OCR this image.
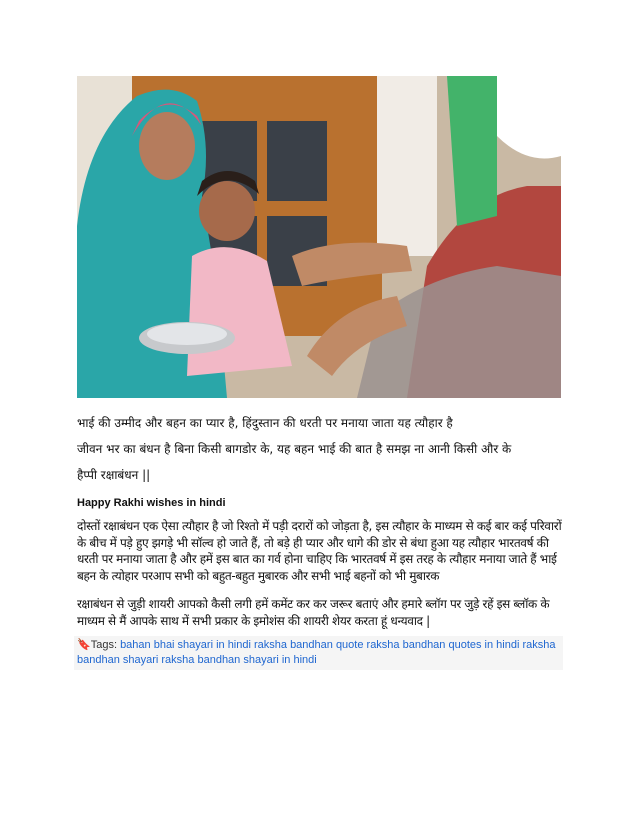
भाई की उम्मीद और बहन का प्यार है, हिंदुस्तान की धरती पर मनाया जाता यह त्यौहार है
जीवन भर का बंधन है बिना किसी बागडोर के, यह बहन भाई की बात है समझ ना आनी किसी और के
हैप्पी रक्षाबंधन ||
Happy Rakhi wishes in hindi
दोस्तों रक्षाबंधन एक ऐसा त्यौहार है जो रिश्तो में पड़ी दरारों को जोड़ता है, इस त्यौहार के माध्यम से कई बार कई परिवारों के बीच में पड़े हुए झगड़े भी सॉल्व हो जाते हैं, तो बड़े ही प्यार और धागे की डोर से बंधा हुआ यह त्यौहार भारतवर्ष की धरती पर मनाया जाता है और हमें इस बात का गर्व होना चाहिए कि भारतवर्ष में इस तरह के त्यौहार मनाया जाते हैं भाई बहन के त्योहार परआप सभी को बहुत-बहुत मुबारक और सभी भाई बहनों को भी मुबारक
रक्षाबंधन से जुड़ी शायरी आपको कैसी लगी हमें कमेंट कर कर जरूर बताएं और हमारे ब्लॉग पर जुड़े रहें इस ब्लॉक के माध्यम से मैं आपके साथ में सभी प्रकार के इमोशंस की शायरी शेयर करता हूं धन्यवाद |
🔖Tags: bahan bhai shayari in hindi raksha bandhan quote raksha bandhan quotes in hindi raksha bandhan shayari raksha bandhan shayari in hindi
